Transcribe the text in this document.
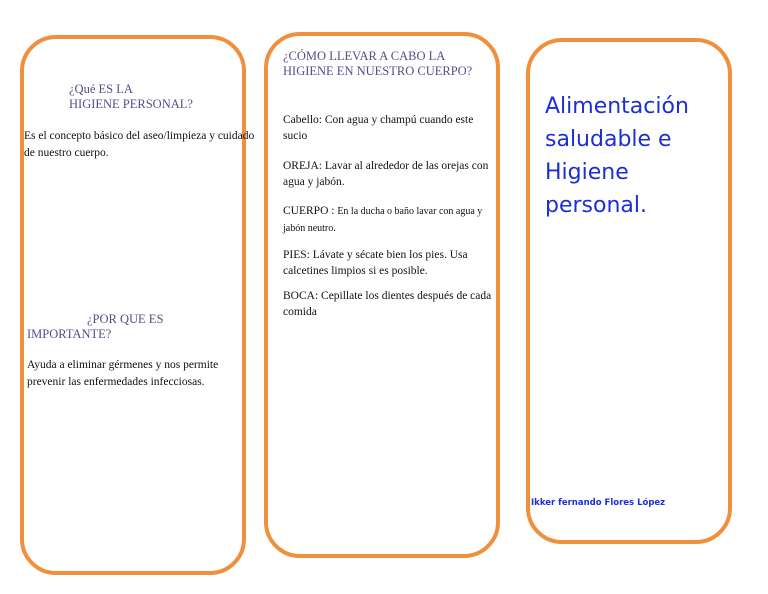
¿Qué ES LA
HIGIENE PERSONAL?
Es el concepto básico del aseo/limpieza y cuidado de nuestro cuerpo.
¿POR QUE ES
IMPORTANTE?
Ayuda a eliminar gérmenes y nos permite prevenir las enfermedades infecciosas.
¿CÓMO LLEVAR A CABO LA HIGIENE EN NUESTRO CUERPO?
Cabello: Con agua y champú cuando este sucio
OREJA: Lavar al alrededor de las orejas con agua y jabón.
CUERPO : En la ducha o baño lavar con agua y jabón neutro.
PIES: Lávate y sécate bien los pies. Usa calcetines limpios si es posible.
BOCA: Cepillate los dientes después de cada comida
Alimentación saludable e Higiene personal.
Ikker fernando Flores López
